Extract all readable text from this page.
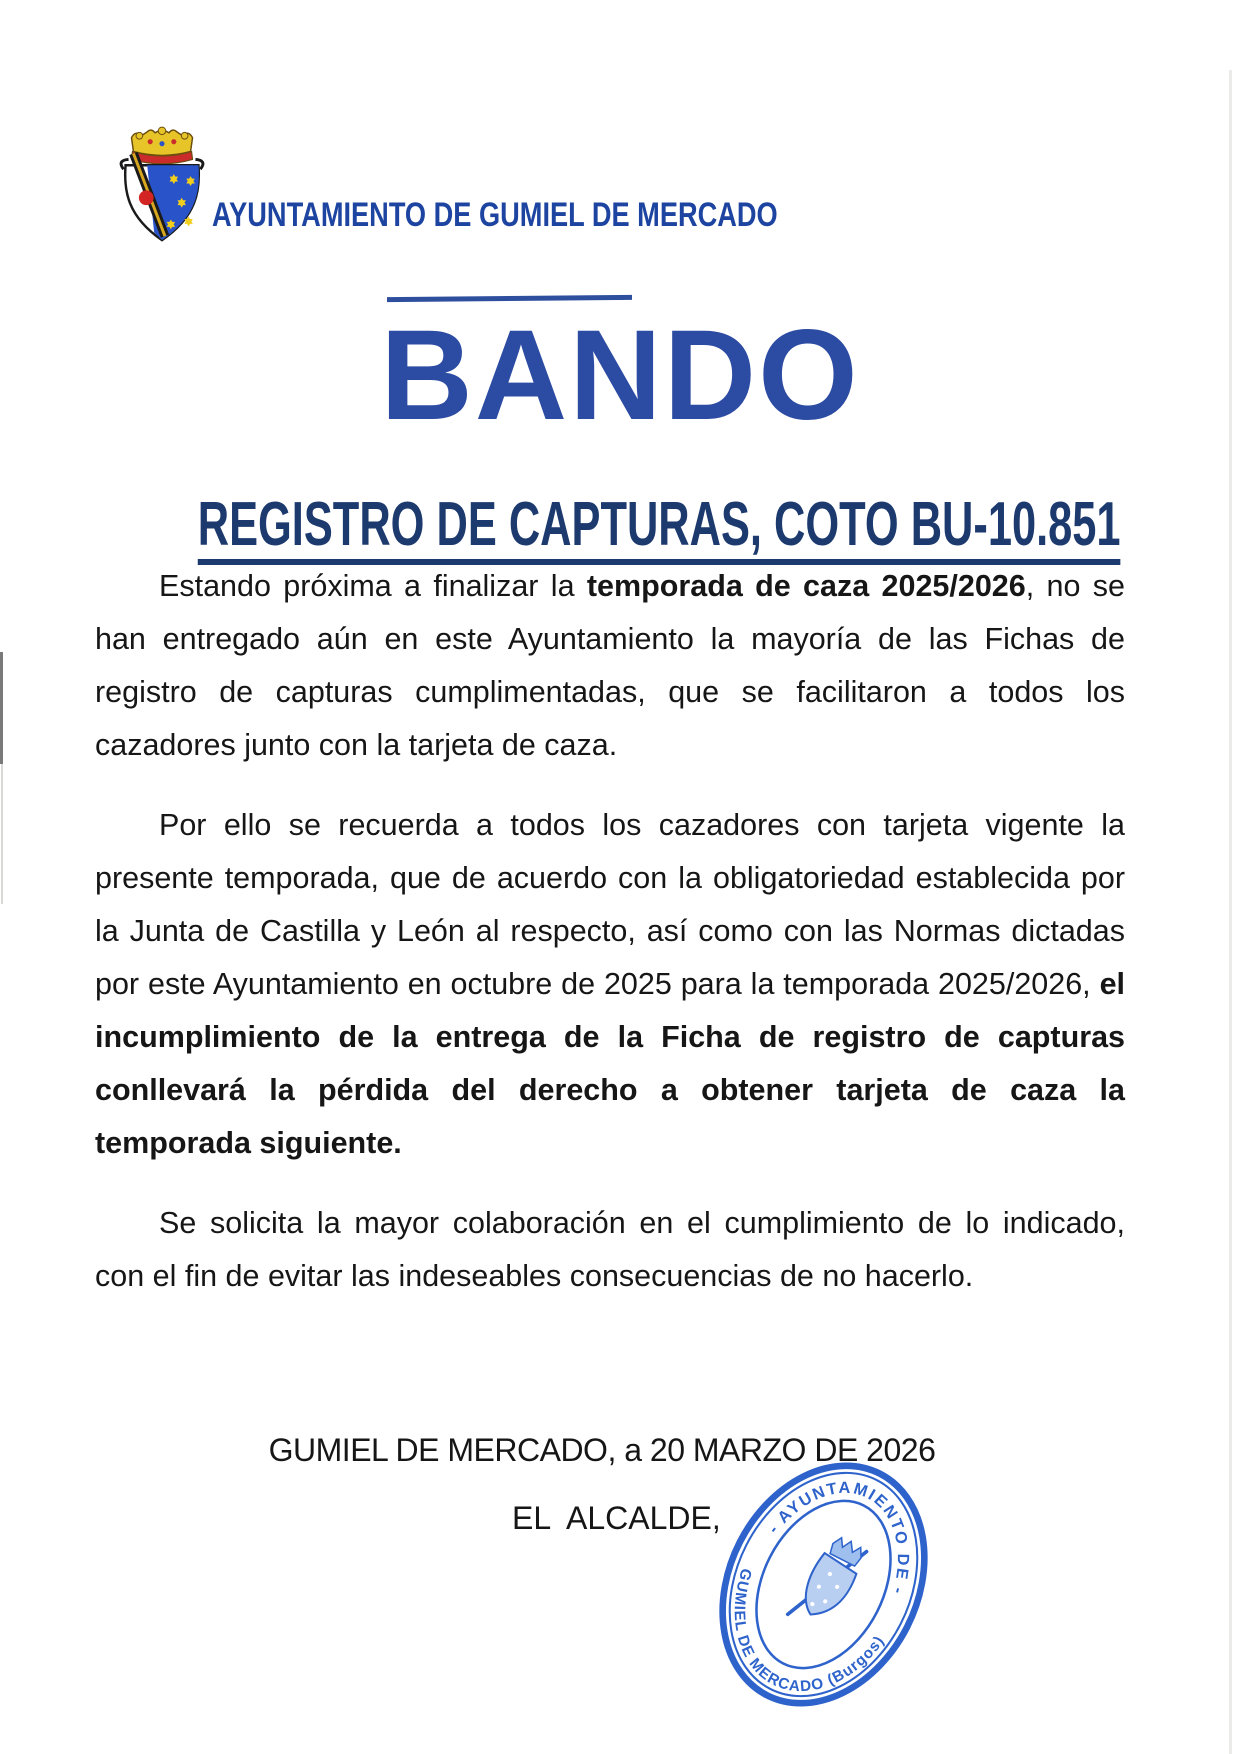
AYUNTAMIENTO DE GUMIEL DE MERCADO
BANDO
REGISTRO DE CAPTURAS, COTO BU-10.851

Estando próxima a finalizar la temporada de caza 2025/2026, no se han entregado aún en este Ayuntamiento la mayoría de las Fichas de registro de capturas cumplimentadas, que se facilitaron a todos los cazadores junto con la tarjeta de caza.

Por ello se recuerda a todos los cazadores con tarjeta vigente la presente temporada, que de acuerdo con la obligatoriedad establecida por la Junta de Castilla y León al respecto, así como con las Normas dictadas por este Ayuntamiento en octubre de 2025 para la temporada 2025/2026, el incumplimiento de la entrega de la Ficha de registro de capturas conllevará la pérdida del derecho a obtener tarjeta de caza la temporada siguiente.

Se solicita la mayor colaboración en el cumplimiento de lo indicado, con el fin de evitar las indeseables consecuencias de no hacerlo.

GUMIEL DE MERCADO, a 20 MARZO DE 2026
EL  ALCALDE,	- AYUNTAMIENTO DE -
GUMIEL DE MERCADO (Burgos)
